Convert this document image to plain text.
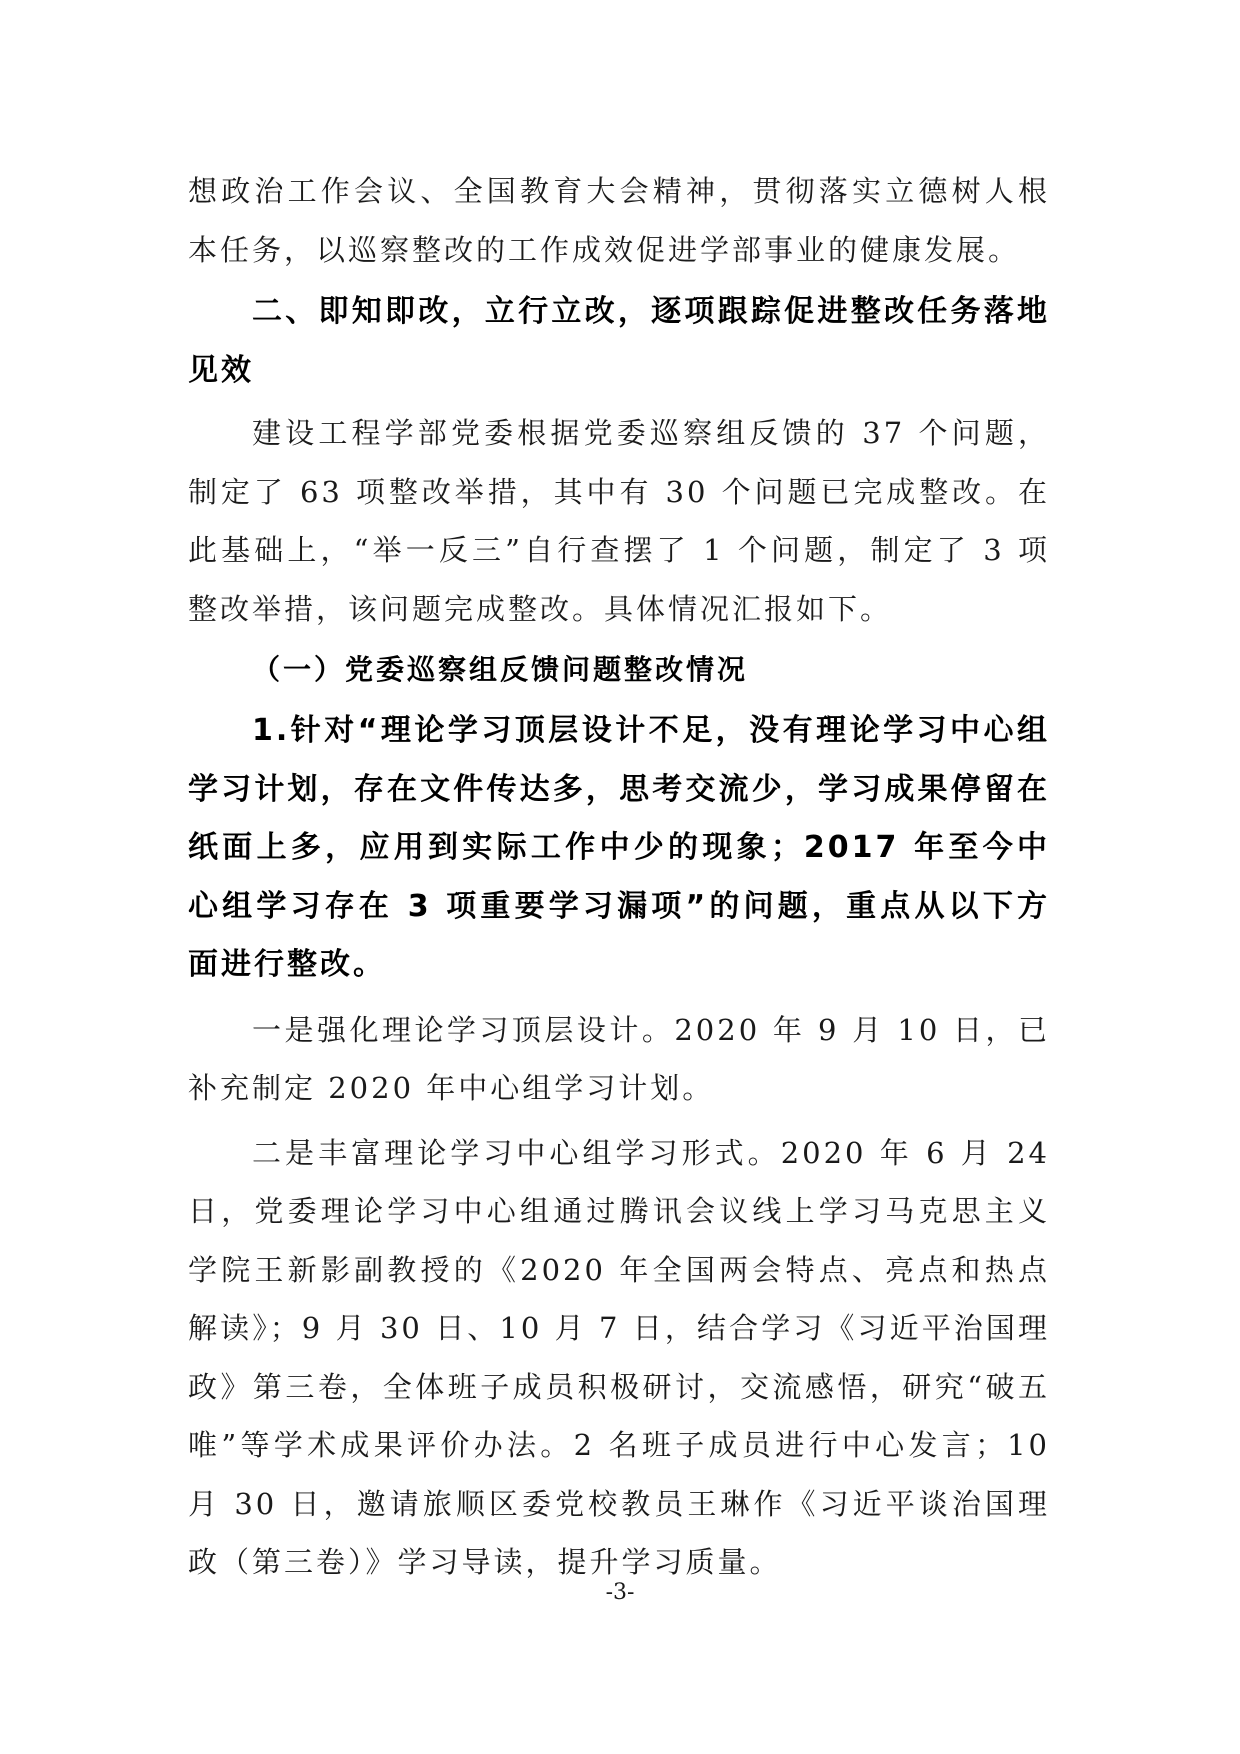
想政治工作会议、全国教育大会精神，贯彻落实立德树人根本任务，以巡察整改的工作成效促进学部事业的健康发展。

二、即知即改，立行立改，逐项跟踪促进整改任务落地见效

建设工程学部党委根据党委巡察组反馈的 37 个问题，制定了 63 项整改举措，其中有 30 个问题已完成整改。在此基础上，“举一反三”自行查摆了 1 个问题，制定了 3 项整改举措，该问题完成整改。具体情况汇报如下。

（一）党委巡察组反馈问题整改情况

1.针对“理论学习顶层设计不足，没有理论学习中心组学习计划，存在文件传达多，思考交流少，学习成果停留在纸面上多，应用到实际工作中少的现象；2017 年至今中心组学习存在 3 项重要学习漏项”的问题，重点从以下方面进行整改。

一是强化理论学习顶层设计。2020 年 9 月 10 日，已补充制定 2020 年中心组学习计划。

二是丰富理论学习中心组学习形式。2020 年 6 月 24 日，党委理论学习中心组通过腾讯会议线上学习马克思主义学院王新影副教授的《2020 年全国两会特点、亮点和热点解读》；9 月 30 日、10 月 7 日，结合学习《习近平治国理政》第三卷，全体班子成员积极研讨，交流感悟，研究“破五唯”等学术成果评价办法。2 名班子成员进行中心发言；10 月 30 日，邀请旅顺区委党校教员王琳作《习近平谈治国理政（第三卷）》学习导读，提升学习质量。

-3-
